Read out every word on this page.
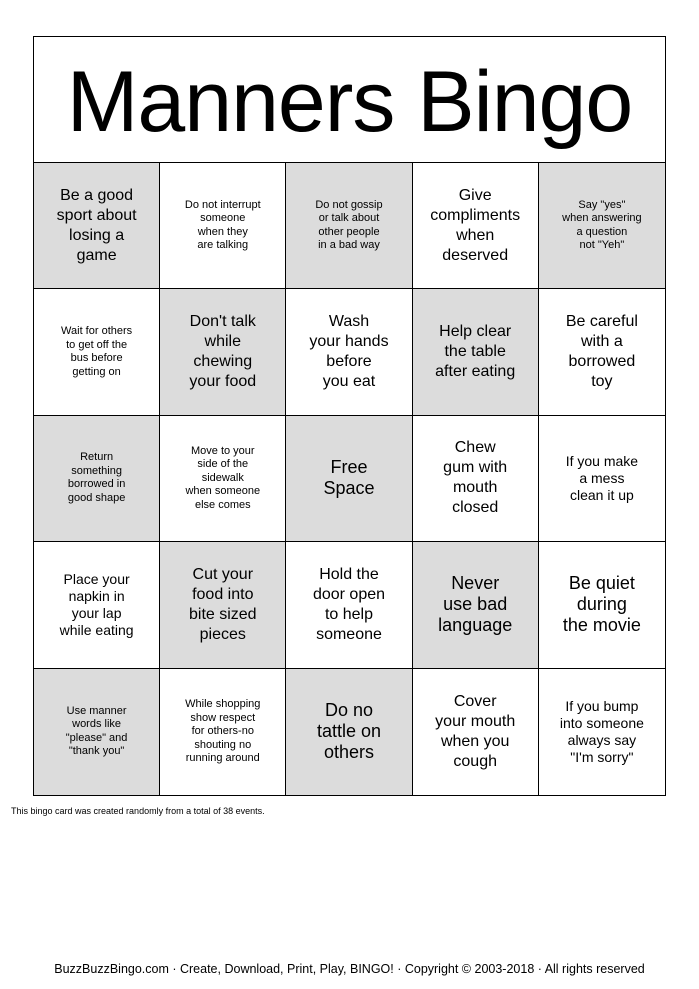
Manners Bingo
Be a good
sport about
losing a
game
Do not interrupt
someone
when they
are talking
Do not gossip
or talk about
other people
in a bad way
Give
compliments
when
deserved
Say "yes"
when answering
a question
not "Yeh"
Wait for others
to get off the
bus before
getting on
Don't talk
while
chewing
your food
Wash
your hands
before
you eat
Help clear
the table
after eating
Be careful
with a
borrowed
toy
Return
something
borrowed in
good shape
Move to your
side of the
sidewalk
when someone
else comes
Free
Space
Chew
gum with
mouth
closed
If you make
a mess
clean it up
Place your
napkin in
your lap
while eating
Cut your
food into
bite sized
pieces
Hold the
door open
to help
someone
Never
use bad
language
Be quiet
during
the movie
Use manner
words like
"please" and
"thank you"
While shopping
show respect
for others-no
shouting no
running around
Do no
tattle on
others
Cover
your mouth
when you
cough
If you bump
into someone
always say
"I'm sorry"
This bingo card was created randomly from a total of 38 events.
BuzzBuzzBingo.com · Create, Download, Print, Play, BINGO! · Copyright © 2003-2018 · All rights reserved
